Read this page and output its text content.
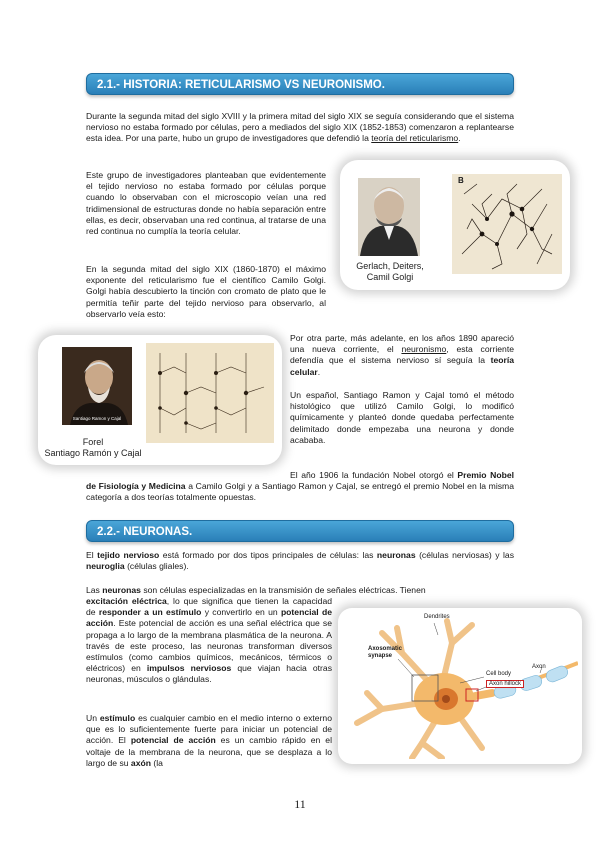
2.1.- HISTORIA: RETICULARISMO VS NEURONISMO.

Durante la segunda mitad del siglo XVIII y la primera mitad del siglo XIX se seguía considerando que el sistema nervioso no estaba formado por células, pero a mediados del siglo XIX (1852-1853) comenzaron a replantearse esta idea. Por una parte, hubo un grupo de investigadores que defendió la teoría del reticularismo.

Este grupo de investigadores planteaban que evidentemente el tejido nervioso no estaba formado por células porque cuando lo observaban con el microscopio veían una red tridimensional de estructuras donde no había separación entre ellas, es decir, observaban una red continua, al tratarse de una red continua no cumplía la teoría celular.

En la segunda mitad del siglo XIX (1860-1870) el máximo exponente del reticularismo fue el científico Camilo Golgi. Golgi había descubierto la tinción con cromato de plato que le permitía teñir parte del tejido nervioso para observarlo, al observarlo veía esto:

Gerlach, Deiters,
Camil Golgi
B
Santiago Ramon y Cajal
Forel
Santiago Ramón y Cajal

Por otra parte, más adelante, en los años 1890 apareció una nueva corriente, el neuronismo, esta corriente defendía que el sistema nervioso sí seguía la teoría celular.

Un español, Santiago Ramon y Cajal tomó el método histológico que utilizó Camilo Golgi, lo modificó químicamente y planteó donde quedaba perfectamente delimitado donde empezaba una neurona y donde acababa.

El año 1906 la fundación Nobel otorgó el Premio Nobel de Fisiología y Medicina a Camilo Golgi y a Santiago Ramon y Cajal, se entregó el premio Nobel en la misma categoría a dos teorías totalmente opuestas.

2.2.- NEURONAS.

El tejido nervioso está formado por dos tipos principales de células: las neuronas (células nerviosas) y las neuroglia (células gliales).

Las neuronas son células especializadas en la transmisión de señales eléctricas. Tienen

excitación eléctrica, lo que significa que tienen la capacidad de responder a un estímulo y convertirlo en un potencial de acción. Este potencial de acción es una señal eléctrica que se propaga a lo largo de la membrana plasmática de la neurona. A través de este proceso, las neuronas transforman diversos estímulos (como cambios químicos, mecánicos, térmicos o eléctricos) en impulsos nerviosos que viajan hacia otras neuronas, músculos o glándulas.

Un estímulo es cualquier cambio en el medio interno o externo que es lo suficientemente fuerte para iniciar un potencial de acción. El potencial de acción es un cambio rápido en el voltaje de la membrana de la neurona, que se desplaza a lo largo de su axón (la

Dendrites
Axosomatic
synapse
Cell body
Axon hillock
Axon
11
